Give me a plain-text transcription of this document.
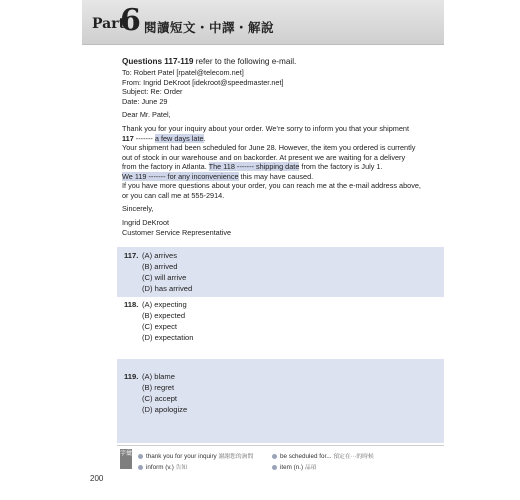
Part
6 閱讀短文・中譯・解說
Questions 117-119 refer to the following e-mail.
To: Robert Patel [rpatel@telecom.net]
From: Ingrid DeKroot [idekroot@speedmaster.net]
Subject: Re: Order
Date: June 29
Dear Mr. Patel,
Thank you for your inquiry about your order. We’re sorry to inform you that your shipment
117 ------- a few days late.
Your shipment had been scheduled for June 28. However, the item you ordered is currently
out of stock in our warehouse and on backorder. At present we are waiting for a delivery
from the factory in Atlanta. The 118 ------- shipping date from the factory is July 1.
We 119 ------- for any inconvenience this may have caused.
If you have more questions about your order, you can reach me at the e-mail address above,
or you can call me at 555-2914.
Sincerely,
Ingrid DeKroot
Customer Service Representative
117. (A) arrives
(B) arrived
(C) will arrive
(D) has arrived
118. (A) expecting
(B) expected
(C) expect
(D) expectation
119. (A) blame
(B) regret
(C) accept
(D) apologize
字彙	thank you for your inquiry 謝謝您的詢問	be scheduled for... 預定在⋯的時候
inform (v.) 告知	item (n.) 品項
200
